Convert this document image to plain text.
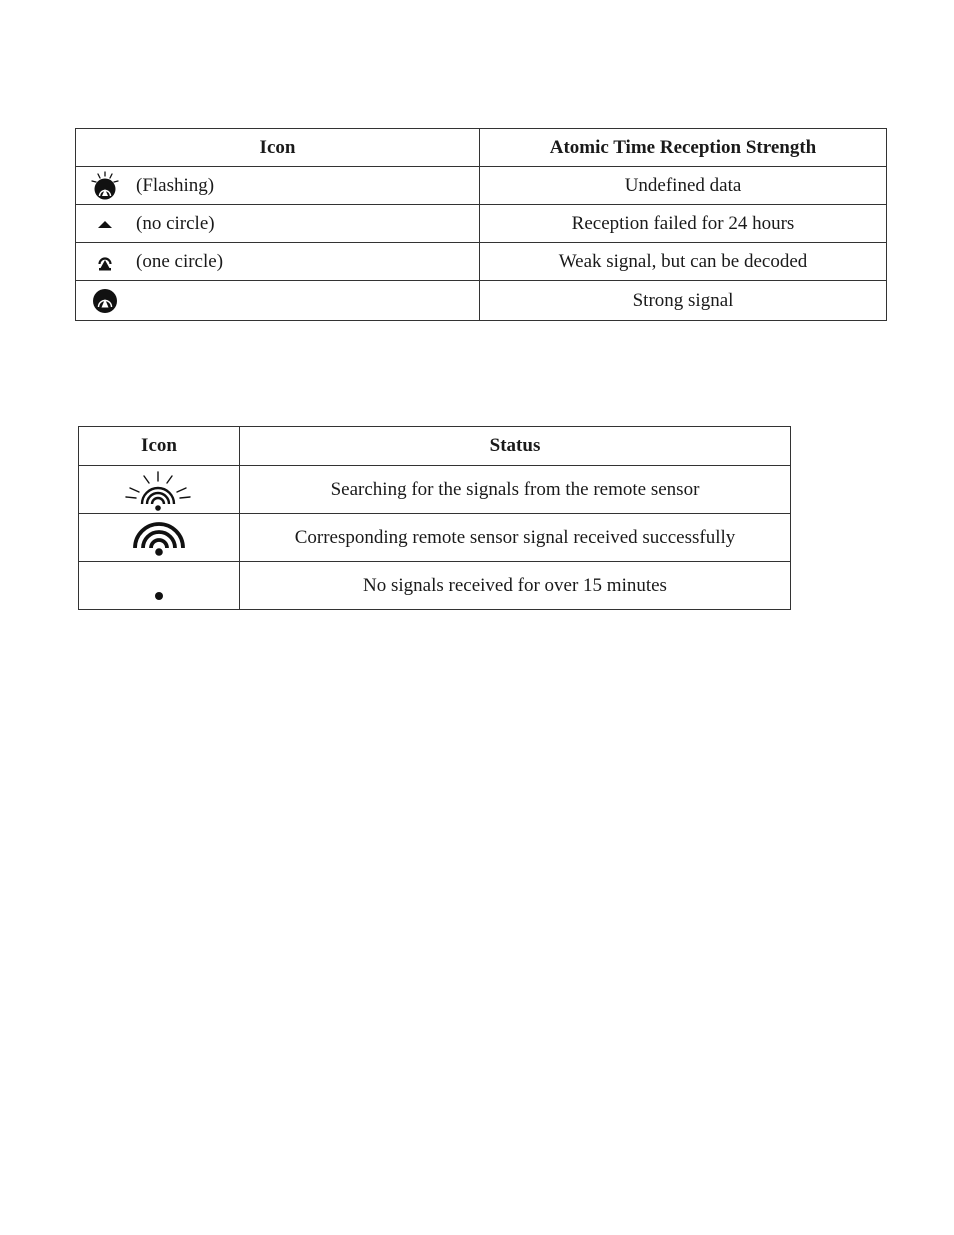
Icon	Atomic Time Reception Strength

(Flashing)	Undefined data

(no circle)	Reception failed for 24 hours

(one circle)	Weak signal, but can be decoded

	Strong signal
Icon	Status

	Searching for the signals from the remote sensor

	Corresponding remote sensor signal received successfully

	No signals received for over 15 minutes
